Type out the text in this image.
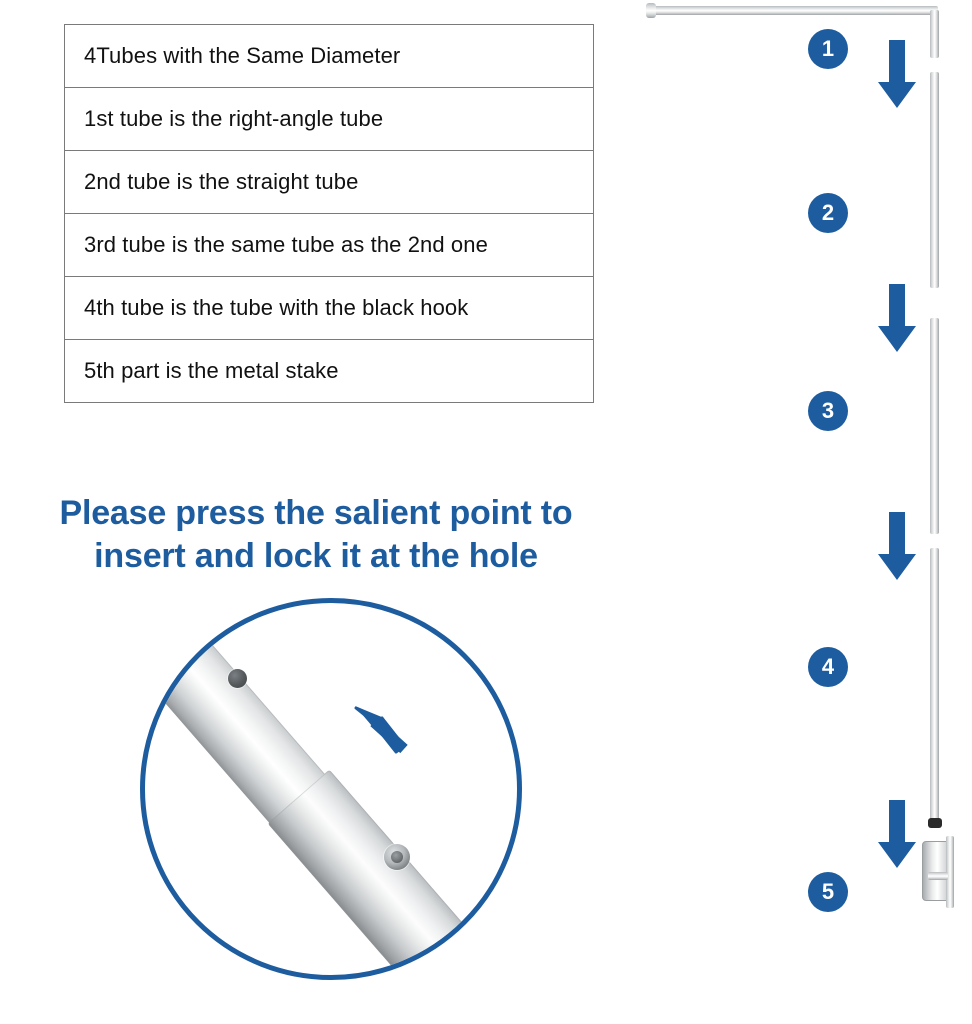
4Tubes with the Same Diameter
1st tube is the right-angle tube
2nd tube is the straight tube
3rd tube is the same tube as the 2nd one
4th tube is the tube with the black hook
5th part is the metal stake
Please press the salient point to
insert and lock it at the hole
1
2
3
4
5
